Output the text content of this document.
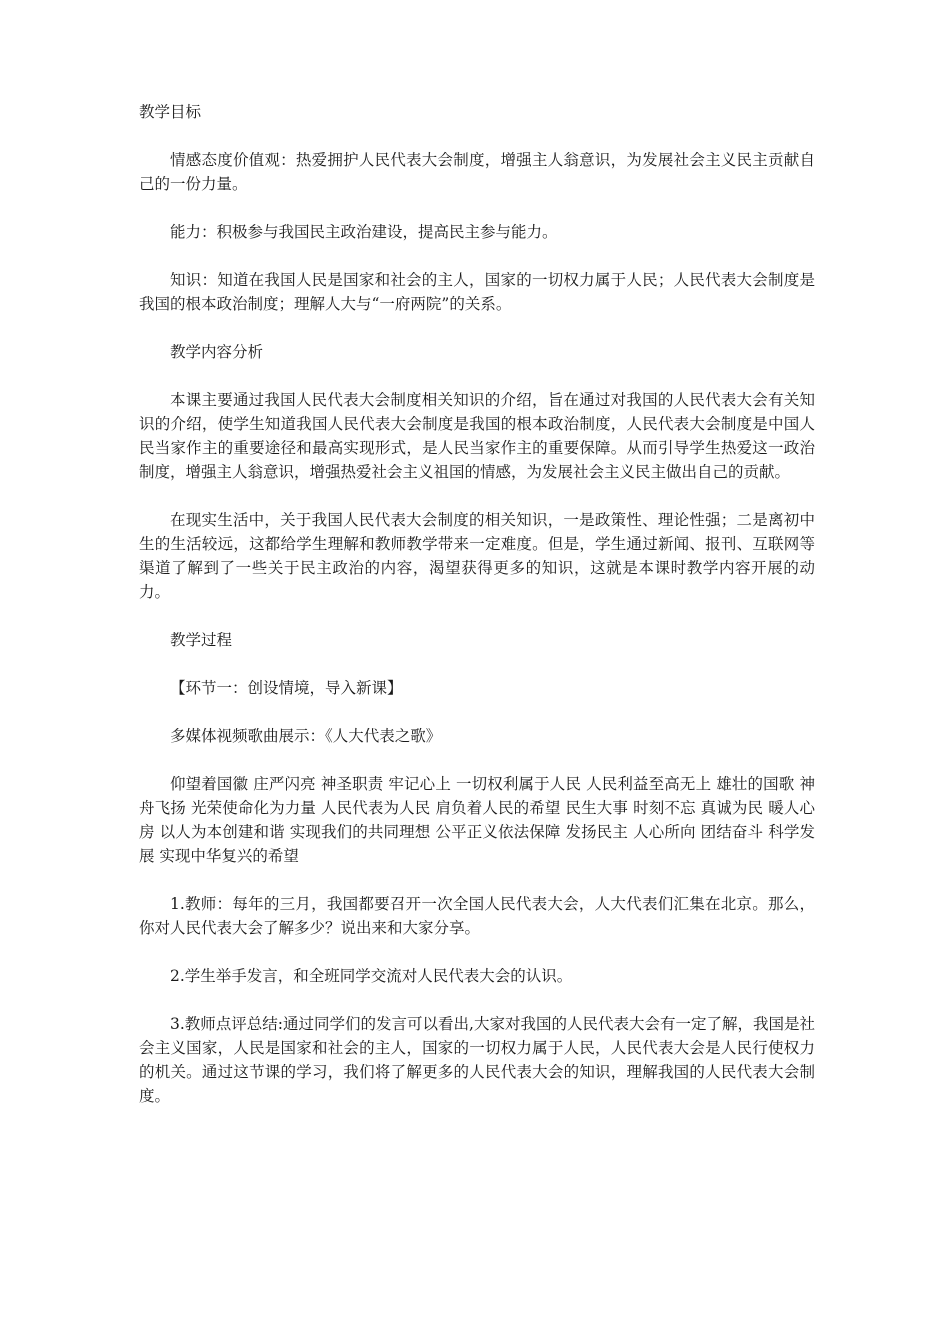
教学目标

情感态度价值观：热爱拥护人民代表大会制度，增强主人翁意识，为发展社会主义民主贡献自己的一份力量。

能力：积极参与我国民主政治建设，提高民主参与能力。

知识：知道在我国人民是国家和社会的主人，国家的一切权力属于人民；人民代表大会制度是我国的根本政治制度；理解人大与“一府两院”的关系。

教学内容分析

本课主要通过我国人民代表大会制度相关知识的介绍，旨在通过对我国的人民代表大会有关知识的介绍，使学生知道我国人民代表大会制度是我国的根本政治制度，人民代表大会制度是中国人民当家作主的重要途径和最高实现形式，是人民当家作主的重要保障。从而引导学生热爱这一政治制度，增强主人翁意识，增强热爱社会主义祖国的情感，为发展社会主义民主做出自己的贡献。

在现实生活中，关于我国人民代表大会制度的相关知识，一是政策性、理论性强；二是离初中生的生活较远，这都给学生理解和教师教学带来一定难度。但是，学生通过新闻、报刊、互联网等渠道了解到了一些关于民主政治的内容，渴望获得更多的知识，这就是本课时教学内容开展的动力。

教学过程

【环节一：创设情境，导入新课】

多媒体视频歌曲展示：《人大代表之歌》

仰望着国徽 庄严闪亮 神圣职责 牢记心上 一切权利属于人民 人民利益至高无上 雄壮的国歌 神舟飞扬 光荣使命化为力量 人民代表为人民 肩负着人民的希望 民生大事 时刻不忘 真诚为民 暖人心房 以人为本创建和谐 实现我们的共同理想 公平正义依法保障 发扬民主 人心所向 团结奋斗 科学发展 实现中华复兴的希望

1.教师：每年的三月，我国都要召开一次全国人民代表大会，人大代表们汇集在北京。那么，你对人民代表大会了解多少？说出来和大家分享。

2.学生举手发言，和全班同学交流对人民代表大会的认识。

3.教师点评总结:通过同学们的发言可以看出,大家对我国的人民代表大会有一定了解，我国是社会主义国家，人民是国家和社会的主人，国家的一切权力属于人民，人民代表大会是人民行使权力的机关。通过这节课的学习，我们将了解更多的人民代表大会的知识，理解我国的人民代表大会制度。
